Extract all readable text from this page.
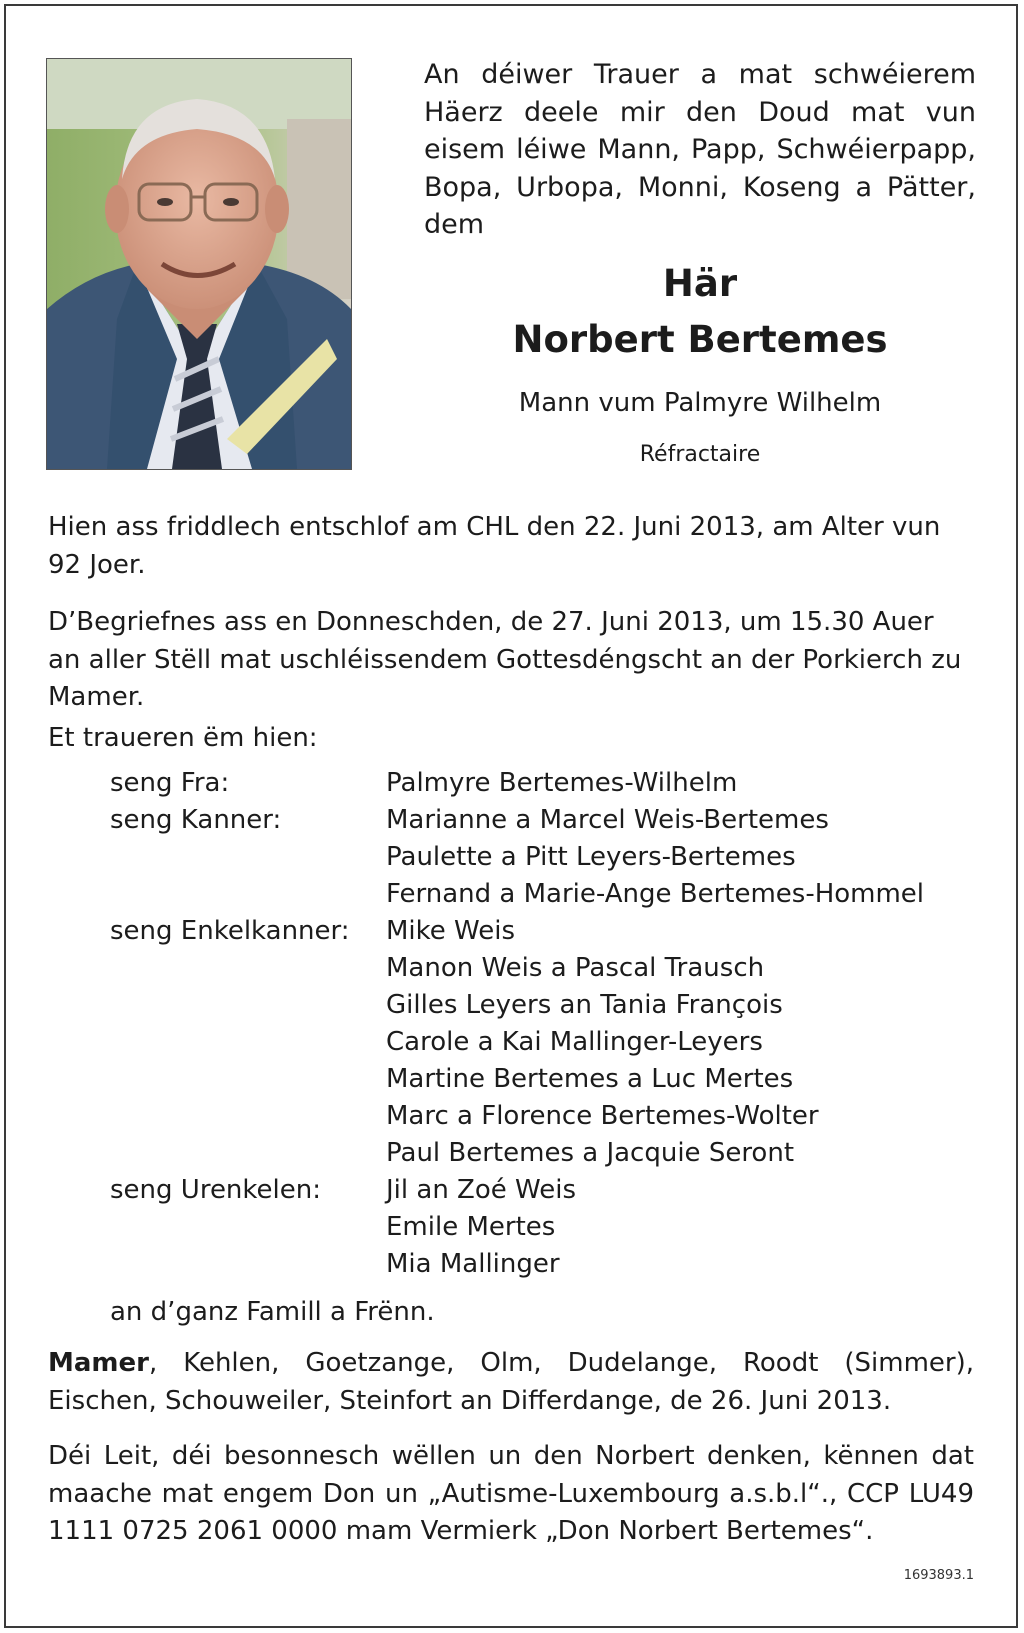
An déiwer Trauer a mat schwéierem
Häerz deele mir den Doud mat vun
eisem léiwe Mann, Papp, Schwéierpapp,
Bopa, Urbopa, Monni, Koseng a Pätter,
dem
Här
Norbert Bertemes
Mann vum Palmyre Wilhelm
Réfractaire
Hien ass friddlech entschlof am CHL den 22. Juni 2013, am Alter vun 92 Joer.
D’Begriefnes ass en Donneschden, de 27. Juni 2013, um 15.30 Auer an aller Stëll mat uschléissendem Gottesdéngscht an der Porkierch zu Mamer.
Et traueren ëm hien:
seng Fra:	Palmyre Bertemes-Wilhelm
seng Kanner:	Marianne a Marcel Weis-Bertemes
Paulette a Pitt Leyers-Bertemes
Fernand a Marie-Ange Bertemes-Hommel
seng Enkelkanner: Mike Weis
Manon Weis a Pascal Trausch
Gilles Leyers an Tania François
Carole a Kai Mallinger-Leyers
Martine Bertemes a Luc Mertes
Marc a Florence Bertemes-Wolter
Paul Bertemes a Jacquie Seront
seng Urenkelen:	Jil an Zoé Weis
Emile Mertes
Mia Mallinger
an d’ganz Famill a Frënn.
Mamer, Kehlen, Goetzange, Olm, Dudelange, Roodt (Simmer), Eischen, Schouweiler, Steinfort an Differdange, de 26. Juni 2013.
Déi Leit, déi besonnesch wëllen un den Norbert denken, kënnen dat maache mat engem Don un „Autisme-Luxembourg a.s.b.l“., CCP LU49 1111 0725 2061 0000 mam Vermierk „Don Norbert Bertemes“.
1693893.1
